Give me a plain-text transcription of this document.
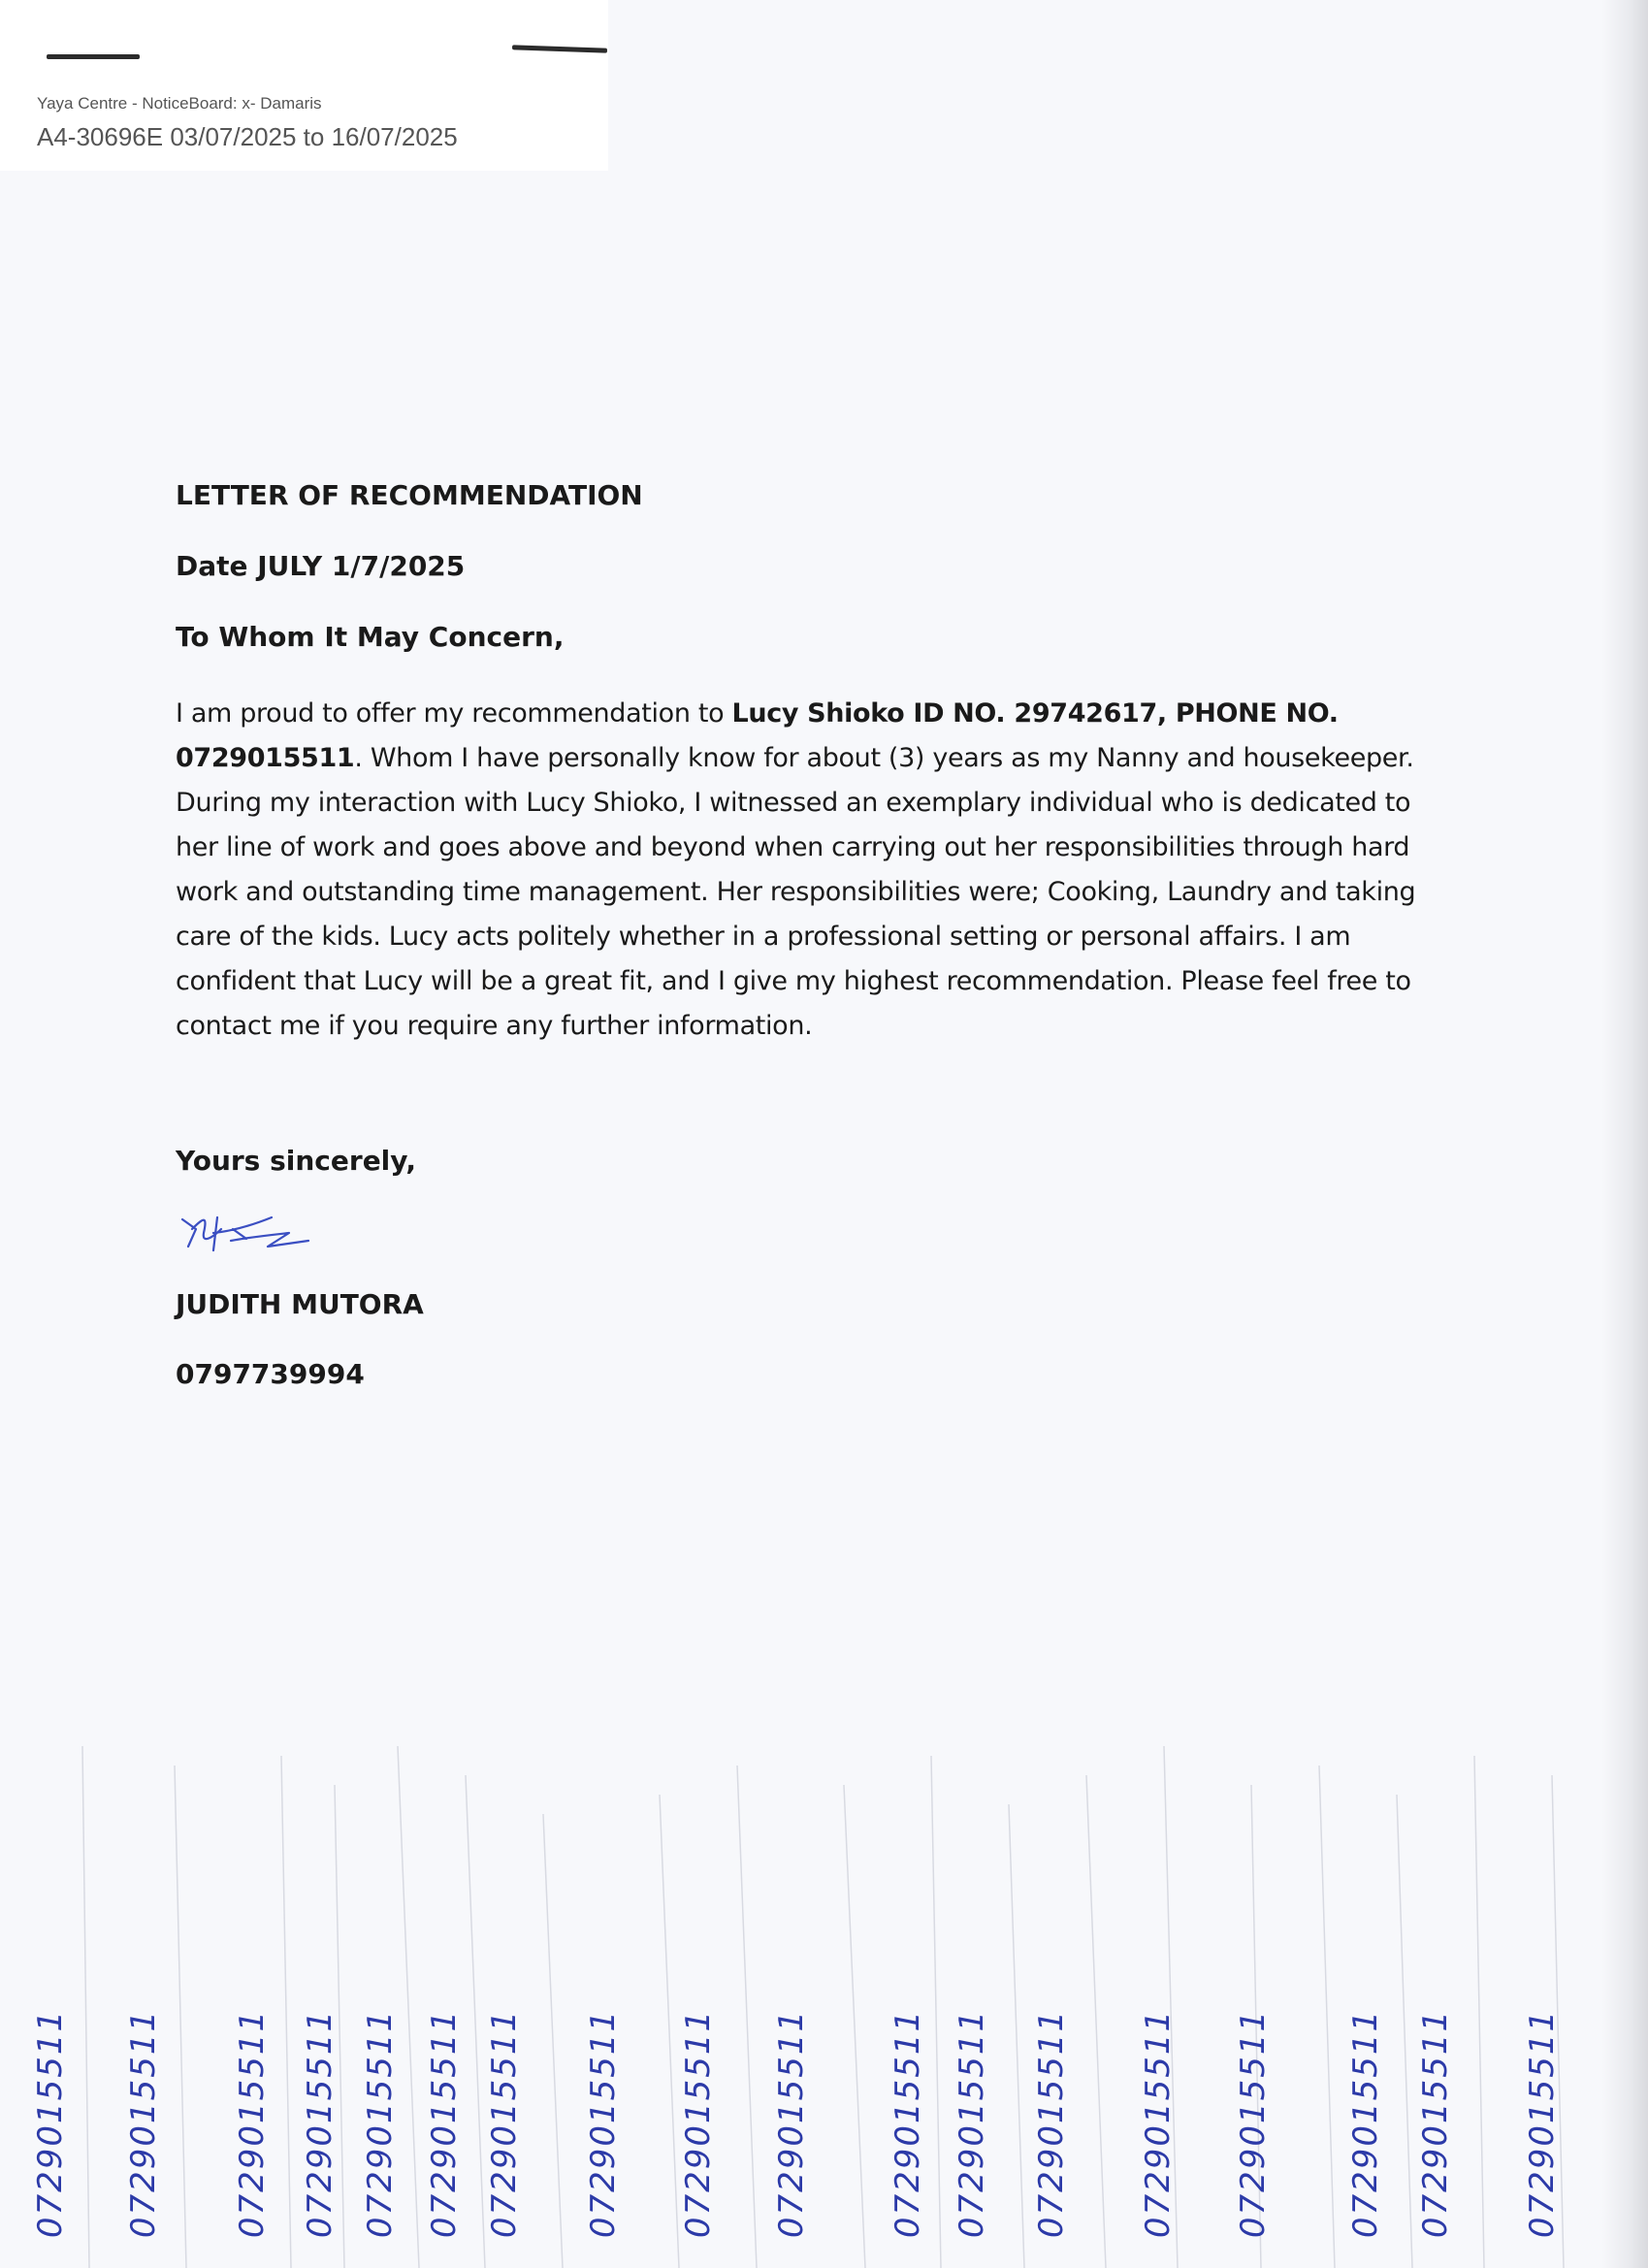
Yaya Centre - NoticeBoard: x- Damaris
A4-30696E 03/07/2025 to 16/07/2025

LETTER OF RECOMMENDATION

Date JULY 1/7/2025

To Whom It May Concern,

I am proud to offer my recommendation to Lucy Shioko ID NO. 29742617, PHONE NO. 0729015511. Whom I have personally know for about (3) years as my Nanny and housekeeper. During my interaction with Lucy Shioko, I witnessed an exemplary individual who is dedicated to her line of work and goes above and beyond when carrying out her responsibilities through hard work and outstanding time management. Her responsibilities were; Cooking, Laundry and taking care of the kids. Lucy acts politely whether in a professional setting or personal affairs. I am confident that Lucy will be a great fit, and I give my highest recommendation. Please feel free to contact me if you require any further information.

Yours sincerely,
JUDITH MUTORA
0797739994
0729015511 0729015511 0729015511 0729015511 0729015511 0729015511 0729015511 0729015511 0729015511 0729015511 0729015511 0729015511 0729015511 0729015511 0729015511 0729015511 0729015511 0729015511
